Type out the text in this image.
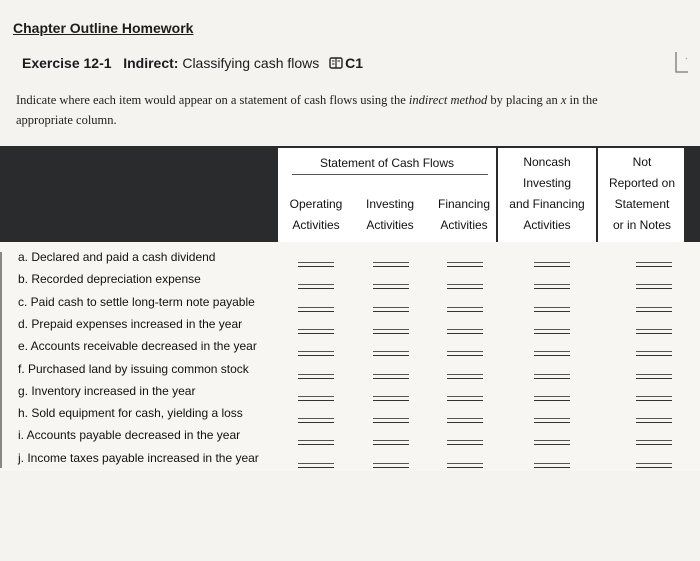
Chapter Outline Homework
Exercise 12-1 Indirect: Classifying cash flows C1
Indicate where each item would appear on a statement of cash flows using the indirect method by placing an x in the appropriate column.
Statement of Cash Flows

Operating
Activities

Investing
Activities

Financing
Activities
Noncash
Investing
and Financing
Activities
Not
Reported on
Statement
or in Notes
a. Declared and paid a cash dividend
b. Recorded depreciation expense
c. Paid cash to settle long-term note payable
d. Prepaid expenses increased in the year
e. Accounts receivable decreased in the year
f. Purchased land by issuing common stock
g. Inventory increased in the year
h. Sold equipment for cash, yielding a loss
i. Accounts payable decreased in the year
j. Income taxes payable increased in the year
